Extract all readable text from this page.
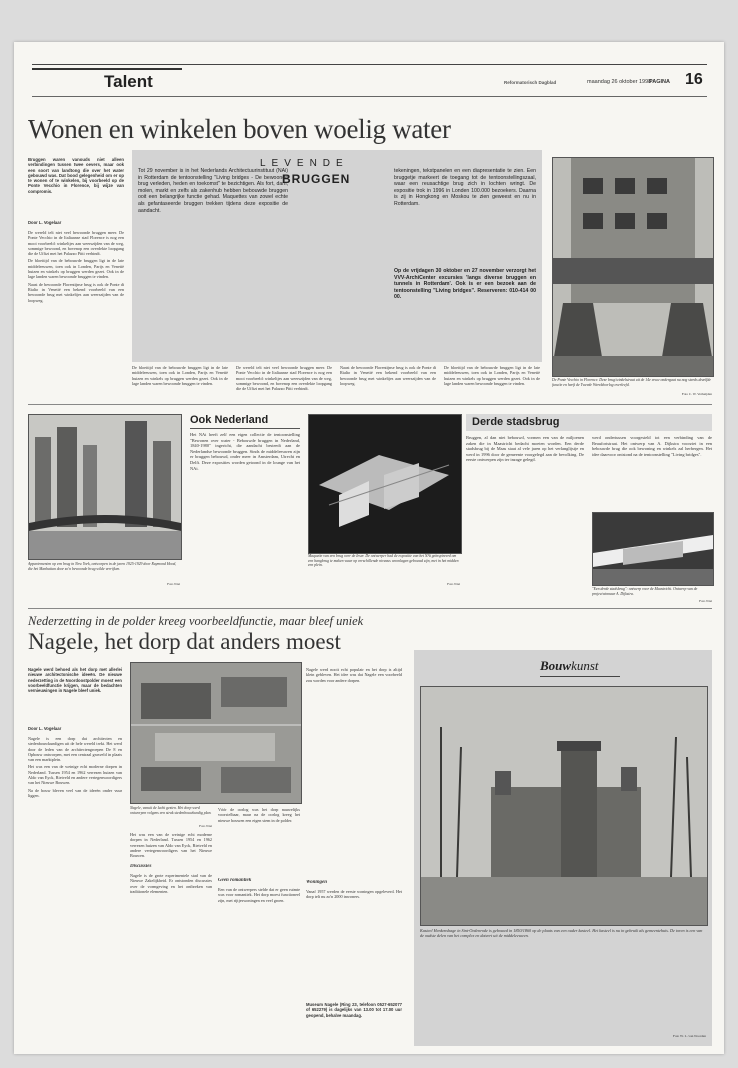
Talent	Reformatorisch Dagblad	maandag 26 oktober 1998
PAGINA 16
Wonen en winkelen boven woelig water
Bruggen waren vanouds niet alleen verbindingen tussen twee oevers, maar ook een soort van landtong die over het water gebouwd was. Dat bood gelegenheid om er op te wonen of te winkelen, bij voorbeeld op de Ponte Vecchio in Florence, bij wijze van compromis.
Door L. Vogelaar

De wereld telt niet veel bewoonde bruggen meer. De Ponte Vecchio in de Italiaanse stad Florence is nog een mooi voorbeeld: winkeltjes aan weerszijden van de weg, sommige bewoond, en bovenop een overdekte loopgang die de Uffizi met het Palazzo Pitti verbindt.

De bloeitijd van de bebouwde bruggen ligt in de late middeleeuwen, toen ook in Londen, Parijs en Venetië huizen en winkels op bruggen werden gezet. Ook in de lage landen waren bewoonde bruggen te vinden.

Naast de bewoonde Florentijnse brug is ook de Ponte di Rialto in Venetië een bekend voorbeeld van een bewoonde brug met winkeltjes aan weerszijden van de loopweg.

LEVENDE
BRUGGEN
Tot 29 november is in het Nederlands Architectuurinstituut (NAi) in Rotterdam de tentoonstelling "Living bridges - De bewoonde brug verleden, heden en toekomst" te bezichtigen. Als fort, dam, molen, markt en zelfs als zakenhub hebben bebouwde bruggen ooit een belangrijke functie gehad. Maquettes van zowel echte als gefantaseerde bruggen trekken tijdens deze expositie de aandacht.
tekeningen, tekstpanelen en een diapresentatie te zien. Een bruggetje markeert de toegang tot de tentoonstellingszaal, waar een reusachtige brug zich in lochten wringt. De expositie trok in 1996 in Londen 100.000 bezoekers. Daarna is zij in Hongkong en Moskou te zien geweest en nu in Rotterdam.
Op de vrijdagen 30 oktober en 27 november verzorgt het VVV-ArchiCenter excursies 'langs diverse bruggen en tunnels in Rotterdam'. Ook is er een bezoek aan de tentoonstelling "Living bridges". Reserveren: 010-414 00 00.
De bloeitijd van de bebouwde bruggen ligt in de late middeleeuwen, toen ook in Londen, Parijs en Venetië huizen en winkels op bruggen werden gezet. Ook in de lage landen waren bewoonde bruggen te vinden.
De wereld telt niet veel bewoonde bruggen meer. De Ponte Vecchio in de Italiaanse stad Florence is nog een mooi voorbeeld: winkeltjes aan weerszijden van de weg, sommige bewoond, en bovenop een overdekte loopgang die de Uffizi met het Palazzo Pitti verbindt.
Naast de bewoonde Florentijnse brug is ook de Ponte di Rialto in Venetië een bekend voorbeeld van een bewoonde brug met winkeltjes aan weerszijden van de loopweg.
De bloeitijd van de bebouwde bruggen ligt in de late middeleeuwen, toen ook in Londen, Parijs en Venetië huizen en winkels op bruggen werden gezet. Ook in de lage landen waren bewoonde bruggen te vinden.
De Ponte Vecchio in Florence. Deze brug/winkelstraat uit de 14e eeuw ondergaat nu nog steeds dezelfde functie en heeft de Tweede Wereldoorlog overleefd.
Foto C. W. Verheijden
Appartementen op een brug in New York, ontworpen in de jaren 1925-1929 door Raymond Hood, die het Manhattan door zo'n bewoonde brug wilde verrijken.
Foto NAi
Ook Nederland
Het NAi heeft zelf een eigen collectie de tentoonstelling "Bewonen over water - Bebouwde bruggen in Nederland, 1840-1980" ingericht, die aandacht besteedt aan de Nederlandse bewoonde bruggen. Sinds de middeleeuwen zijn er bruggen bebouwd, onder meer in Amsterdam, Utrecht en Delft. Deze exposities worden getoond in de lounge van het NAi.
Maquette van een brug over de Ieser. De ontwerper had de expositie van het NAi geïnspireerd om een hangbrug te maken waar op verschillende niveaus woonlagen gebouwd zijn, met in het midden een plein.
Foto NAi
Derde stadsbrug
Bruggen, al dan niet bebouwd, vormen een van de miljoenen zaken die in Maastricht bedacht moeten worden. Een derde stadsbrug bij de Maas staat al vele jaren op het verlanglijstje en werd in 1996 door de gemeente voorgelegd aan de bevolking. De eerste ontwerpen zijn ter inzage gelegd.
werd ondertussen voorgesteld tot een verbinding van de Beaufortstraat. Het ontwerp van A. Dijkstra voorziet in een bebouwde brug die ook bewoning en winkels zal herbergen. Het idee daarvoor ontstond na de tentoonstelling "Living bridges".
"Een derde stadsbrug": ontwerp voor de Maastricht. Ontwerp van de projectwinnaar A. Dijkstra.
Foto NAi
Nederzetting in de polder kreeg voorbeeldfunctie, maar bleef uniek
Nagele, het dorp dat anders moest
Nagele werd behoed als het dorp met allerlei nieuwe architectonische ideeën. De nieuwe nederzetting in de Noordoostpolder moest een voorbeeldfunctie krijgen, maar de bedachten vernieuwingen in Nagele bleef uniek.
Door L. Vogelaar

Nagele is een dorp dat architecten en stedenbouwkundigen uit de hele wereld trekt. Het werd door de leden van de architectengroepen De 8 en Opbouw ontworpen, met een centraal grasveld in plaats van een marktplein.

Het was een van de weinige echt moderne dorpen in Nederland. Tussen 1954 en 1962 verrezen huizen van Aldo van Eyck, Rietveld en andere vertegenwoordigers van het Nieuwe Bouwen.

Na de bouw bleven veel van de ideeën onder vuur liggen.

Nagele, vanuit de lucht gezien. Het dorp werd ontworpen volgens een strak stedenbouwkundig plan.
Foto NAi
Het was een van de weinige echt moderne dorpen in Nederland. Tussen 1954 en 1962 verrezen huizen van Aldo van Eyck, Rietveld en andere vertegenwoordigers van het Nieuwe Bouwen.
Discussies
Nagele is de grote experimentele stad van de Nieuwe Zakelijkheid. Er ontstonden discussies over de vormgeving en het ontbreken van traditionele elementen.
Vóór de oorlog was het dorp nauwelijks voorstelbaar, maar na de oorlog kreeg het nieuwe bouwen een eigen stem in de polder.
Geen romantiek
Een van de ontwerpers stelde dat er geen ruimte was voor romantiek. Het dorp moest functioneel zijn, met rijtjeswoningen en veel groen.
Nagele werd nooit echt populair en het dorp is altijd klein gebleven. Het idee was dat Nagele een voorbeeld zou worden voor andere dorpen.
Woningen
Vanaf 1957 werden de eerste woningen opgeleverd. Het dorp telt nu zo'n 2000 inwoners.
Museum Nagele (Ring 23, telefoon 0527-652077 of 652279) is dagelijks van 13.00 tot 17.00 uur geopend, behalve maandag.
Bouwkunst
Kasteel Henkenshage in Sint-Oedenrode is gebouwd in 1850/1860 op de plaats van een ouder kasteel. Het kasteel is nu in gebruik als gemeentehuis. De toren is een van de oudste delen van het complex en dateert uit de middeleeuwen.
Foto W. L. van Noorden
